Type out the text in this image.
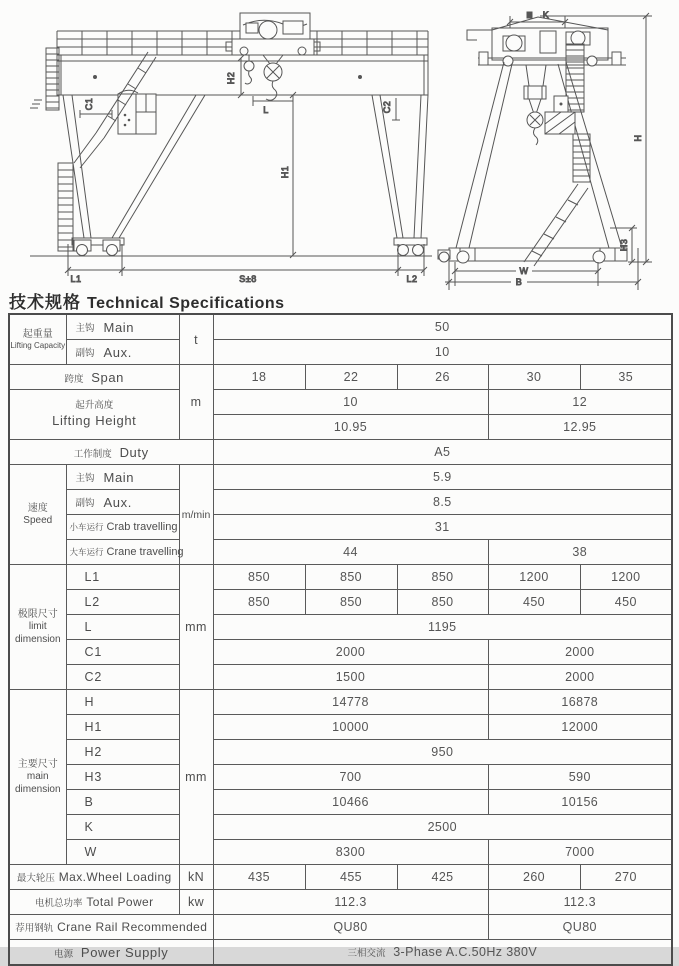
H2
L
H1
C1	C2
L1	S±8	L2
K
H
H3
W
B
技术规格 Technical Specifications
起重量
Lifting Capacity	主钩 Main	t	50				

	副钩 Aux.		10				
跨度 Span		m	18	22	26	30	35

起升高度
Lifting Height			10			12	
			10.95			12.95	
工作制度 Duty			A5				

速度
Speed	主钩 Main	m/min	5.9				

	副钩 Aux.		8.5				

	小车运行 Crab travelling		31				

	大车运行 Crane travelling		44			38	

极限尺寸
limit dimension	L1	mm	850	850	850	1200	1200
	L2		850	850	850	450	450
	L		1195				
	C1		2000			2000	
	C2		1500			2000	

主要尺寸
main dimension	H	mm	14778			16878	
	H1		10000			12000	
	H2		950				
	H3		700			590	
	B		10466			10156	
	K		2500				
	W		8300			7000	
最大轮压 Max.Wheel Loading		kN	435	455	425	260	270
电机总功率 Total Power		kw	112.3			112.3	
荐用钢轨 Crane Rail Recommended			QU80			QU80	
电源 Power Supply			三相交流 3-Phase A.C.50Hz 380V				
